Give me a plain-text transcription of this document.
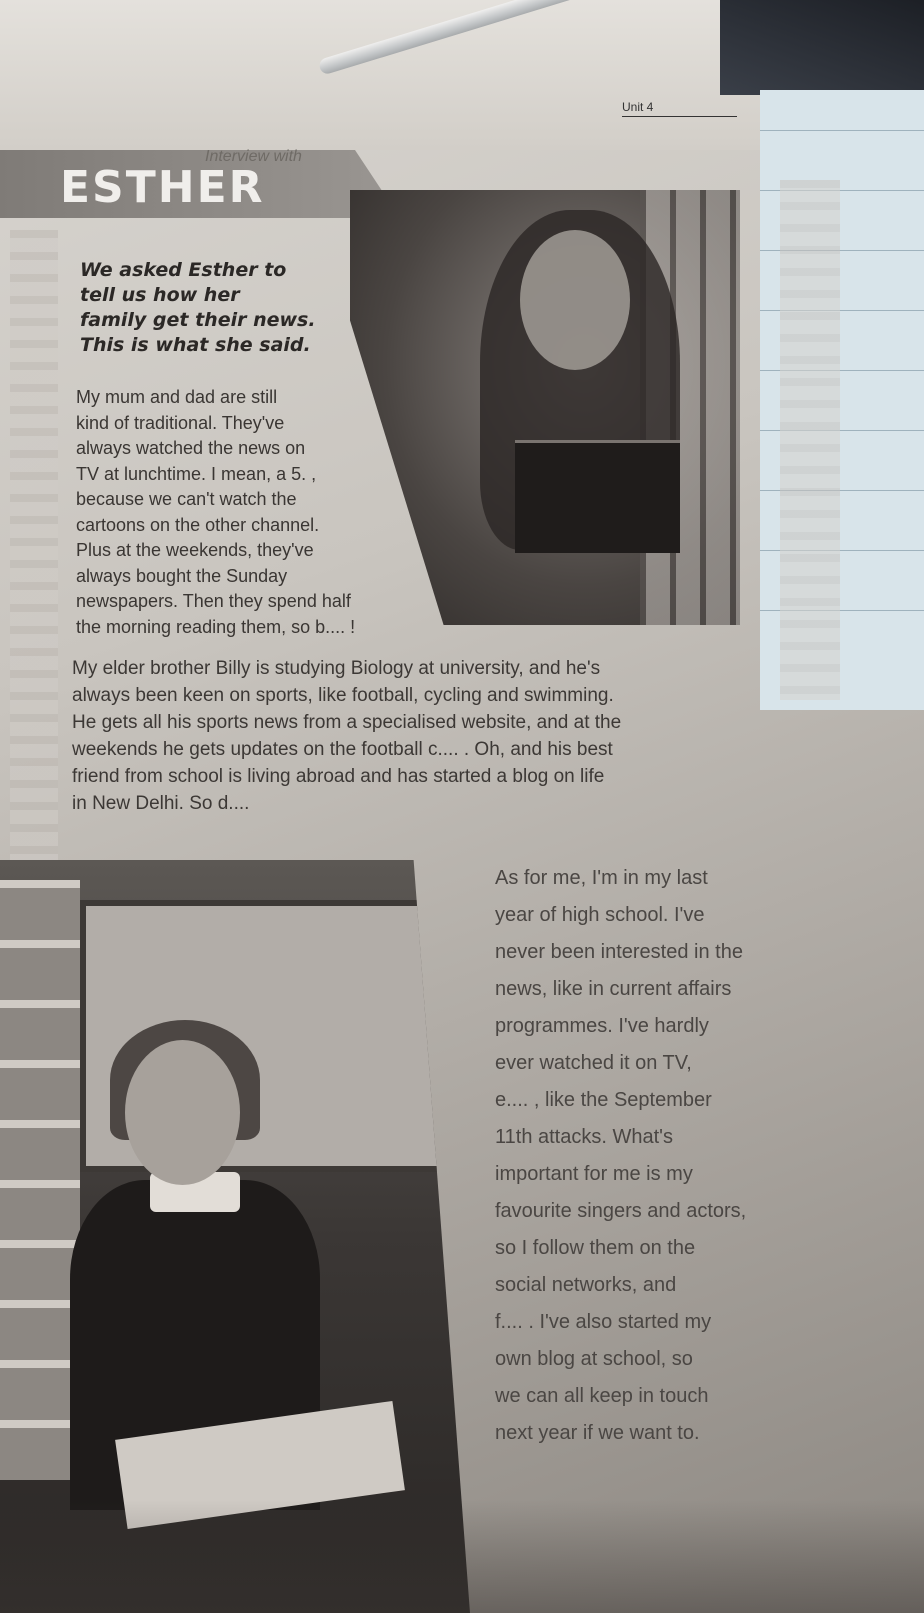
Unit 4
Interview with
ESTHER
We asked Esther to
tell us how her
family get their news.
This is what she said.
My mum and dad are still
kind of traditional. They've
always watched the news on
TV at lunchtime. I mean, a 5. ,
because we can't watch the
cartoons on the other channel.
Plus at the weekends, they've
always bought the Sunday
newspapers. Then they spend half
the morning reading them, so b.... !
My elder brother Billy is studying Biology at university, and he's
always been keen on sports, like football, cycling and swimming.
He gets all his sports news from a specialised website, and at the
weekends he gets updates on the football c.... . Oh, and his best
friend from school is living abroad and has started a blog on life
in New Delhi. So d....
As for me, I'm in my last
year of high school. I've
never been interested in the
news, like in current affairs
programmes. I've hardly
ever watched it on TV,
e.... , like the September
11th attacks. What's
important for me is my
favourite singers and actors,
so I follow them on the
social networks, and
f.... . I've also started my
own blog at school, so
we can all keep in touch
next year if we want to.
